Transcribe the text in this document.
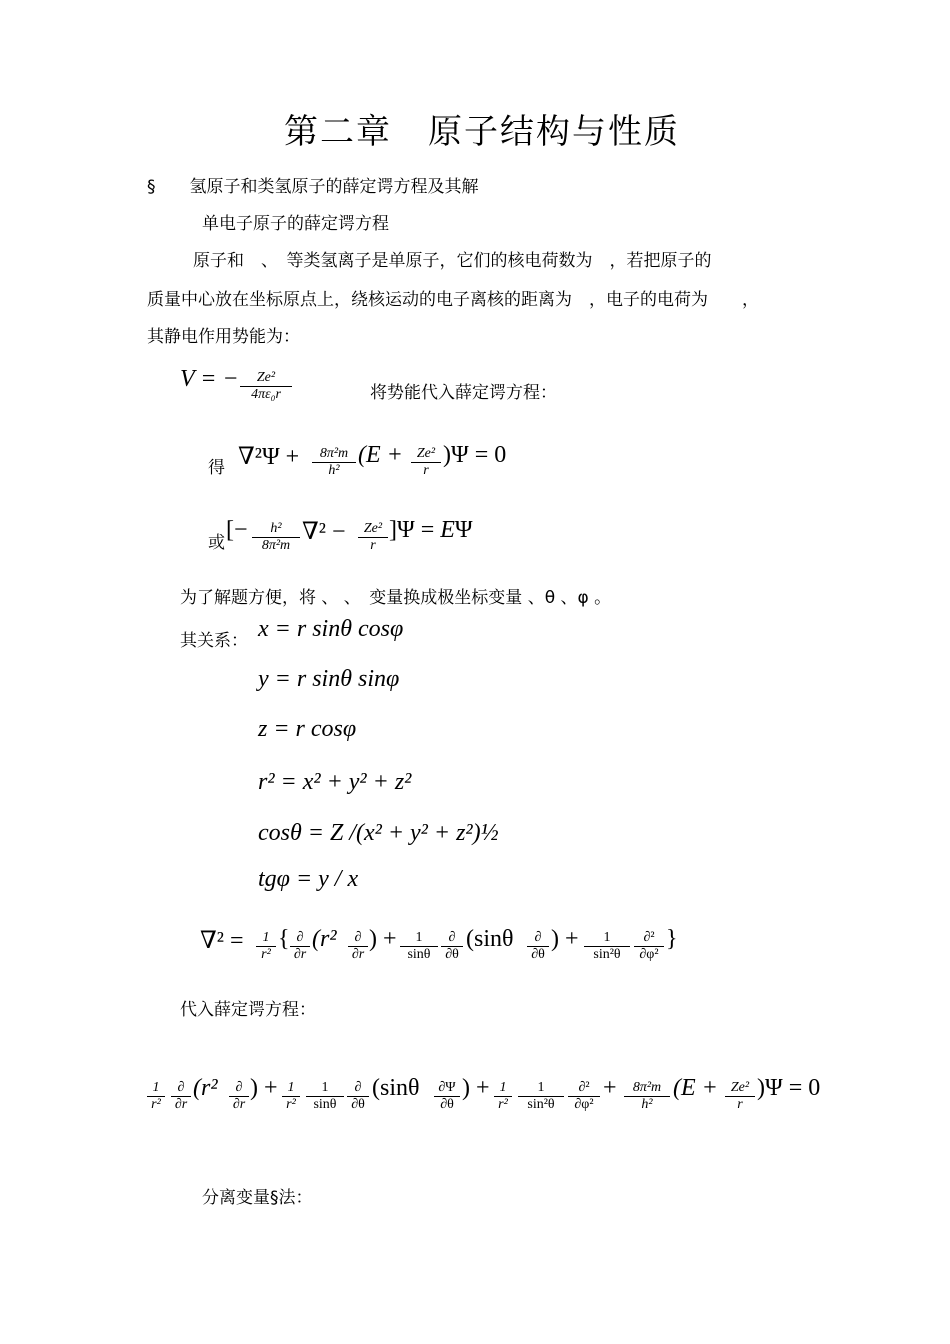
第二章　原子结构与性质
§　　氢原子和类氢原子的薛定谔方程及其解
单电子原子的薛定谔方程
原子和　、　等类氢离子是单原子，它们的核电荷数为　，若把原子的
质量中心放在坐标原点上，绕核运动的电子离核的距离为　，电子的电荷为　　，
其静电作用势能为：
V = − $\frac{\text{Ze²}}{\text{4πε₀r}}$	将势能代入薛定谔方程：
得 $\nabla^2\Psi + \frac{\text{8π²m}}{\text{h²}} (E + \frac{\text{Ze²}}{r} )\Psi = 0$
或 [− $\frac{\text{h²}}{\text{8π²m}} \nabla^2 - \frac{\text{Ze²}}{r} ]\Psi = E\Psi$
为了解题方便，将 、 、　变量换成极坐标变量 、θ 、φ 。
其关系： x = r sinθ cosφ
y = r sinθ sinφ
z = r cosφ
r² = x² + y² + z²
cosθ = Z /(x² + y² + z²)½
tgφ = y / x
$\nabla^2 = \frac{1}{\text{r²}}$ { ∂
∂r
(r²	∂
∂r
) + $\frac{1}{\sin\theta}$ ∂
∂θ
(sinθ	∂
∂θ
) + $\frac{1}{\text{sin²θ}} \partial^2$
∂φ²
}
代入薛定谔方程：
$\frac{1}{\text{r²}}$ ∂
∂r
(r²	∂
∂r
) + $\frac{1}{\text{r²}} \frac{1}{\sin\theta}$ ∂
∂θ
($\sin\theta \frac{\partial\Psi}{\partial\theta}$ ) + $\frac{1}{\text{r²}} \frac{1}{\text{sin²θ}}$	∂²
∂φ²
+ $\frac{\text{8π²m}}{\text{h²}} (E + \frac{\text{Ze²}}{r} )\Psi = 0$
分离变量§法：
